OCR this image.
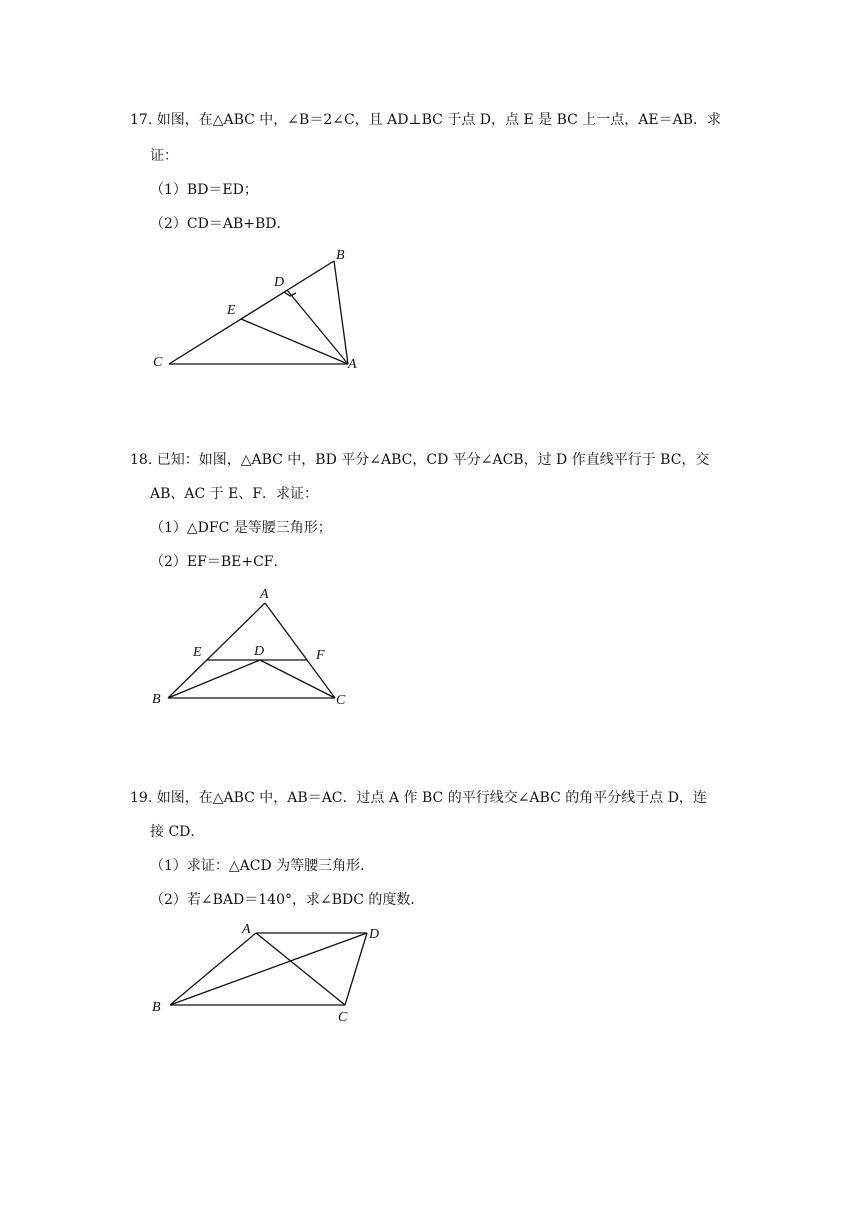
17. 如图，在△ABC 中，∠B＝2∠C，且 AD⊥BC 于点 D，点 E 是 BC 上一点，AE＝AB．求
证：
（1）BD＝ED；
（2）CD＝AB+BD．
B
D
E
C	A
18. 已知：如图，△ABC 中，BD 平分∠ABC，CD 平分∠ACB，过 D 作直线平行于 BC，交
AB、AC 于 E、F．求证：
（1）△DFC 是等腰三角形；
（2）EF＝BE+CF．
A
E	D	F
B	C
19. 如图，在△ABC 中，AB＝AC．过点 A 作 BC 的平行线交∠ABC 的角平分线于点 D，连
接 CD．
（1）求证：△ACD 为等腰三角形．
（2）若∠BAD＝140°，求∠BDC 的度数．
A	D
B
C
